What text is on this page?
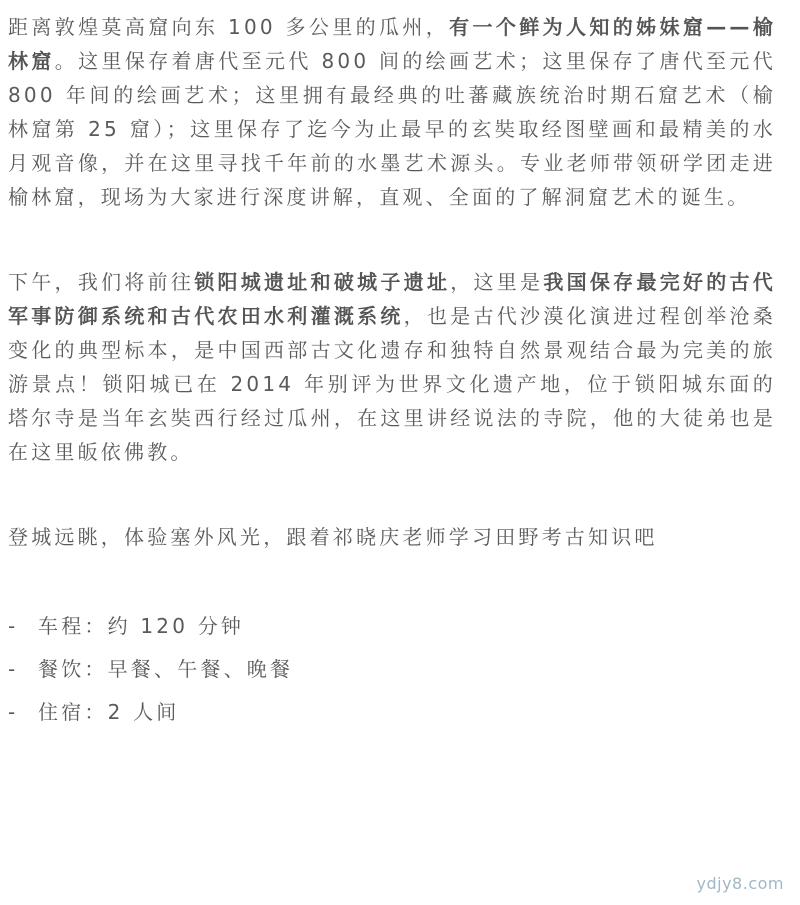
距离敦煌莫高窟向东 100 多公里的瓜州，有一个鲜为人知的姊妹窟——榆林窟。这里保存着唐代至元代 800 间的绘画艺术；这里保存了唐代至元代 800 年间的绘画艺术；这里拥有最经典的吐蕃藏族统治时期石窟艺术（榆林窟第 25 窟）；这里保存了迄今为止最早的玄奘取经图壁画和最精美的水月观音像，并在这里寻找千年前的水墨艺术源头。专业老师带领研学团走进榆林窟，现场为大家进行深度讲解，直观、全面的了解洞窟艺术的诞生。

下午，我们将前往锁阳城遗址和破城子遗址，这里是我国保存最完好的古代军事防御系统和古代农田水利灌溉系统，也是古代沙漠化演进过程创举沧桑变化的典型标本，是中国西部古文化遗存和独特自然景观结合最为完美的旅游景点！锁阳城已在 2014 年别评为世界文化遗产地，位于锁阳城东面的塔尔寺是当年玄奘西行经过瓜州，在这里讲经说法的寺院，他的大徒弟也是在这里皈依佛教。

登城远眺，体验塞外风光，跟着祁晓庆老师学习田野考古知识吧

- 车程：约 120 分钟
- 餐饮：早餐、午餐、晚餐
- 住宿：2 人间
ydjy8.com
